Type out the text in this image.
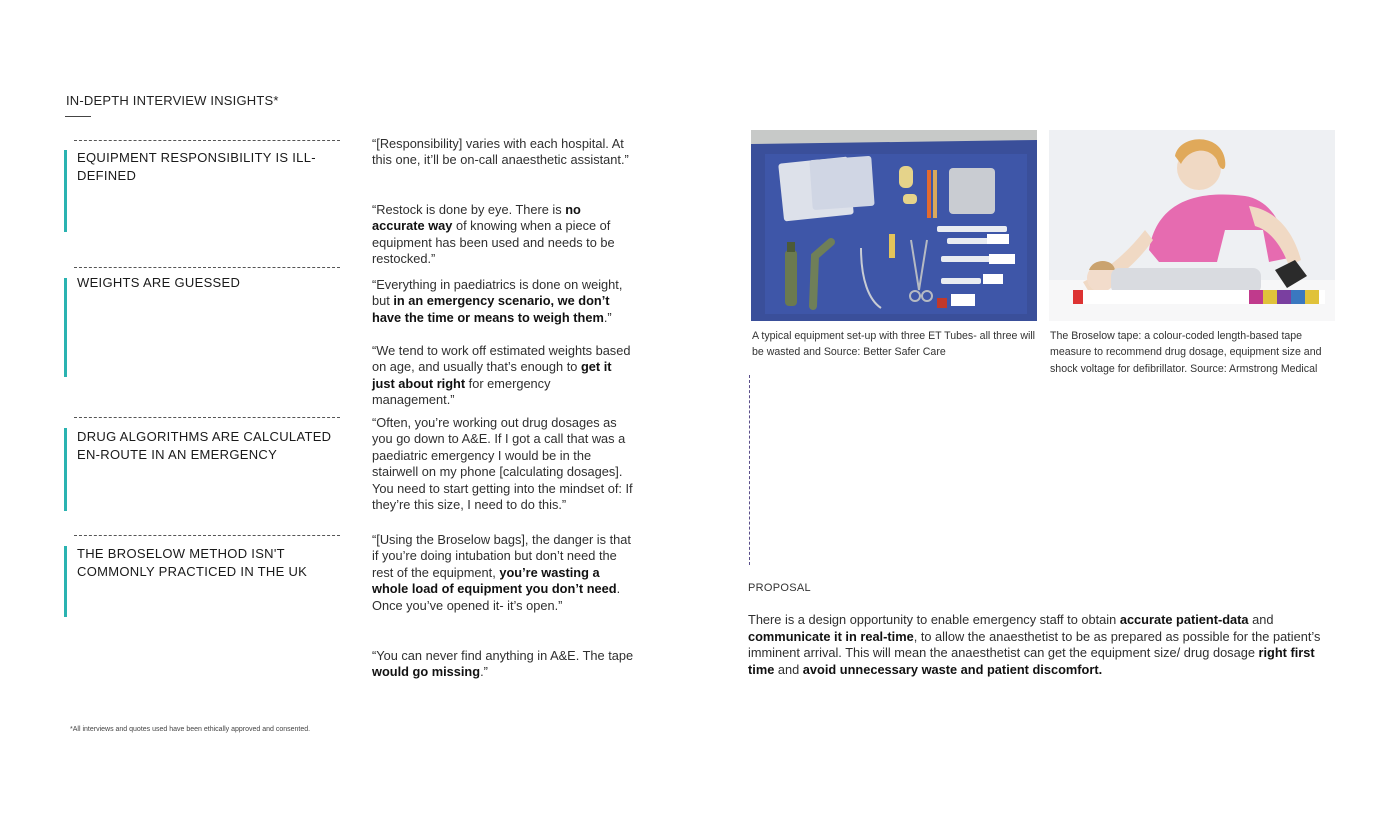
IN-DEPTH INTERVIEW INSIGHTS*
EQUIPMENT RESPONSIBILITY IS ILL-DEFINED
WEIGHTS ARE GUESSED
DRUG ALGORITHMS ARE CALCULATED EN-ROUTE IN AN EMERGENCY
THE BROSELOW METHOD ISN'T COMMONLY PRACTICED IN THE UK
“[Responsibility] varies with each hospital. At this one, it’ll be on-call anaesthetic assistant.”
“Restock is done by eye. There is no accurate way of knowing when a piece of equipment has been used and needs to be restocked.”
“Everything in paediatrics is done on weight, but in an emergency scenario, we don’t have the time or means to weigh them.”
“We tend to work off estimated weights based on age, and usually that’s enough to get it just about right for emergency management.”
“Often, you’re working out drug dosages as you go down to A&E. If I got a call that was a paediatric emergency I would be in the stairwell on my phone [calculating dosages]. You need to start getting into the mindset of: If they’re this size, I need to do this.”
“[Using the Broselow bags], the danger is that if you’re doing intubation but don’t need the rest of the equipment, you’re wasting a whole load of equipment you don’t need. Once you’ve opened it- it’s open.”
“You can never find anything in A&E. The tape would go missing.”
A typical equipment set-up with three ET Tubes- all three will be wasted and Source: Better Safer Care
The Broselow tape: a colour-coded length-based tape measure to recommend drug dosage, equipment size and shock voltage for defibrillator. Source: Armstrong Medical
PROPOSAL
There is a design opportunity to enable emergency staff to obtain accurate patient-data and communicate it in real-time, to allow the anaesthetist to be as prepared as possible for the patient’s imminent arrival. This will mean the anaesthetist can get the equipment size/ drug dosage right first time and avoid unnecessary waste and patient discomfort.
*All interviews and quotes used have been ethically approved and consented.
